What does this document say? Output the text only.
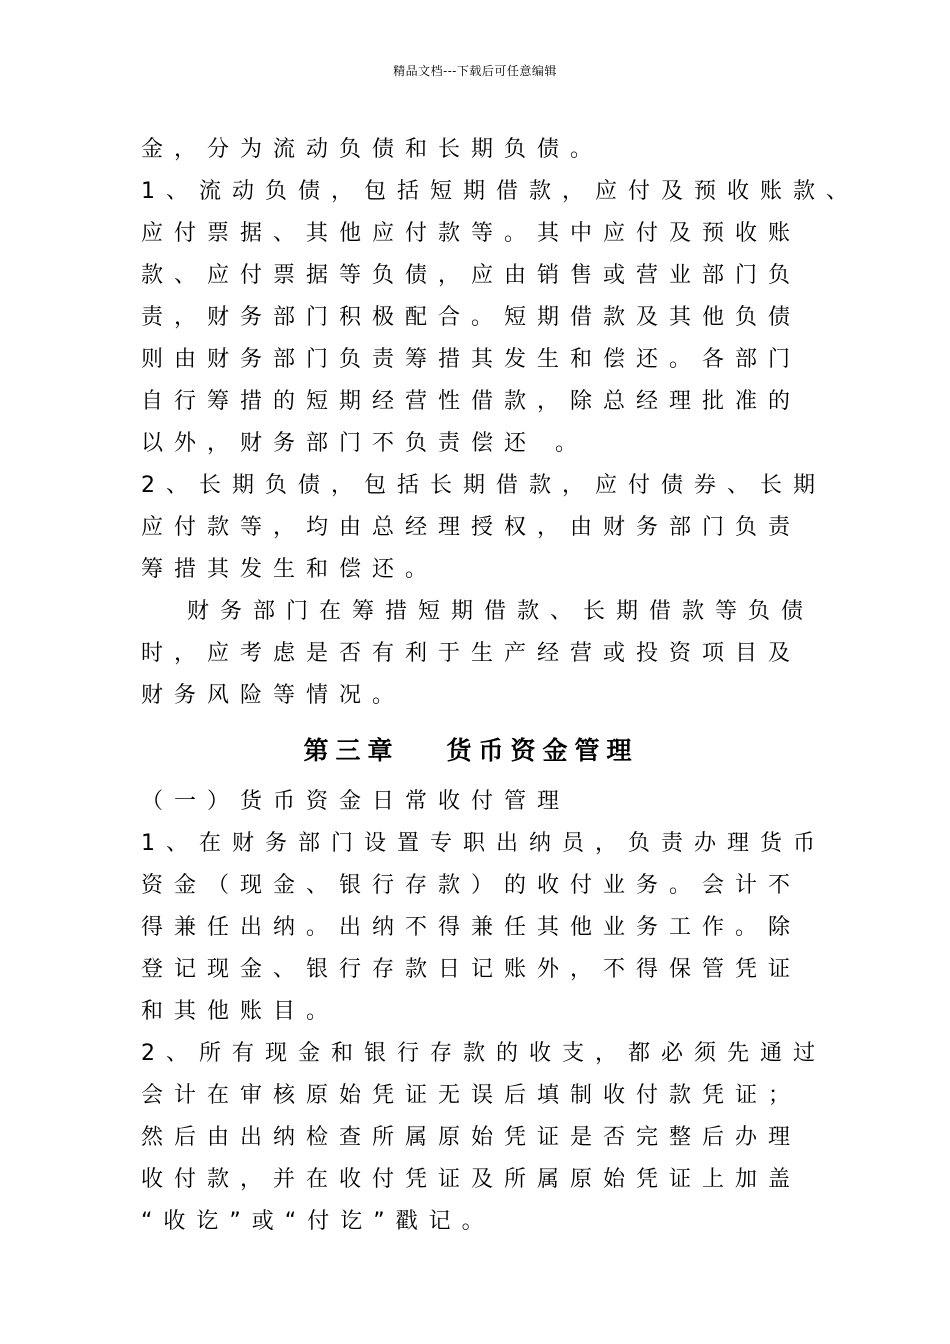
精品文档---下载后可任意编辑
金，分为流动负债和长期负债。
1、流动负债，包括短期借款，应付及预收账款、
应付票据、其他应付款等。其中应付及预收账
款、应付票据等负债，应由销售或营业部门负
责，财务部门积极配合。短期借款及其他负债
则由财务部门负责筹措其发生和偿还。各部门
自行筹措的短期经营性借款，除总经理批准的
以外，财务部门不负责偿还 。
2、长期负债，包括长期借款，应付债券、长期
应付款等，均由总经理授权，由财务部门负责
筹措其发生和偿还。
财务部门在筹措短期借款、长期借款等负债
时，应考虑是否有利于生产经营或投资项目及
财务风险等情况。
第三章   货币资金管理
（一）货币资金日常收付管理
1、在财务部门设置专职出纳员，负责办理货币
资金（现金、银行存款）的收付业务。会计不
得兼任出纳。出纳不得兼任其他业务工作。除
登记现金、银行存款日记账外，不得保管凭证
和其他账目。
2、所有现金和银行存款的收支，都必须先通过
会计在审核原始凭证无误后填制收付款凭证；
然后由出纳检查所属原始凭证是否完整后办理
收付款，并在收付凭证及所属原始凭证上加盖
“收讫”或“付讫”戳记。
